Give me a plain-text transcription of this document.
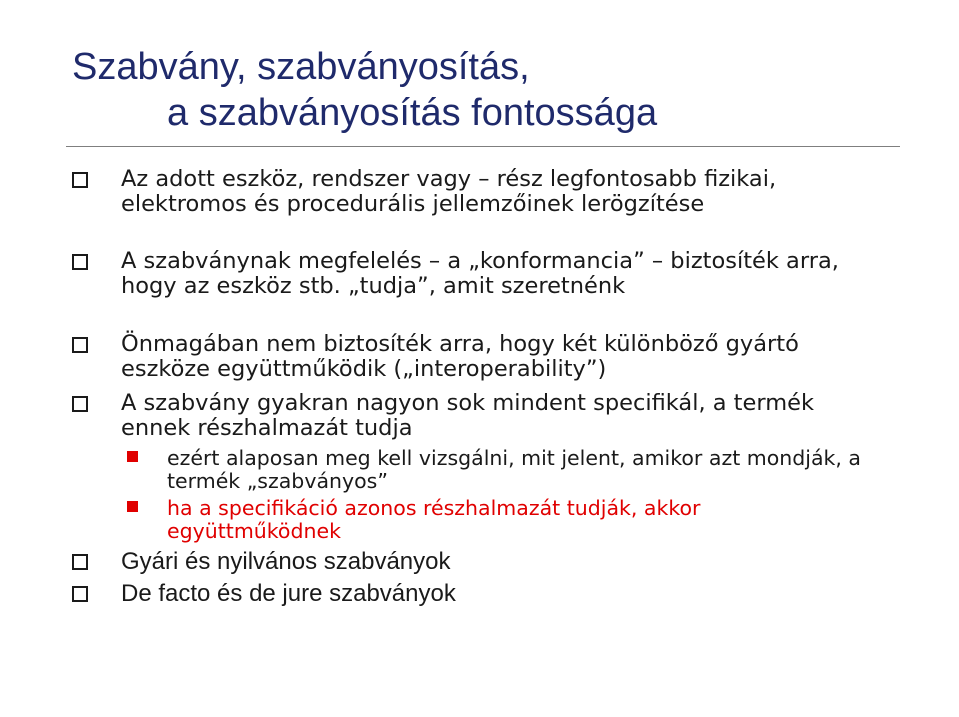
Szabvány, szabványosítás,
a szabványosítás fontossága
Az adott eszköz, rendszer vagy – rész legfontosabb fizikai, elektromos és procedurális jellemzőinek lerögzítése
A szabványnak megfelelés – a „konformancia” – biztosíték arra, hogy az eszköz stb. „tudja”, amit szeretnénk
Önmagában nem biztosíték arra, hogy két különböző gyártó eszköze együttműködik („interoperability”)
A szabvány gyakran nagyon sok mindent specifikál, a termék ennek részhalmazát tudja
ezért alaposan meg kell vizsgálni, mit jelent, amikor azt mondják, a termék „szabványos”
ha a specifikáció azonos részhalmazát tudják, akkor együttműködnek
Gyári és nyilvános szabványok
De facto és de jure szabványok
